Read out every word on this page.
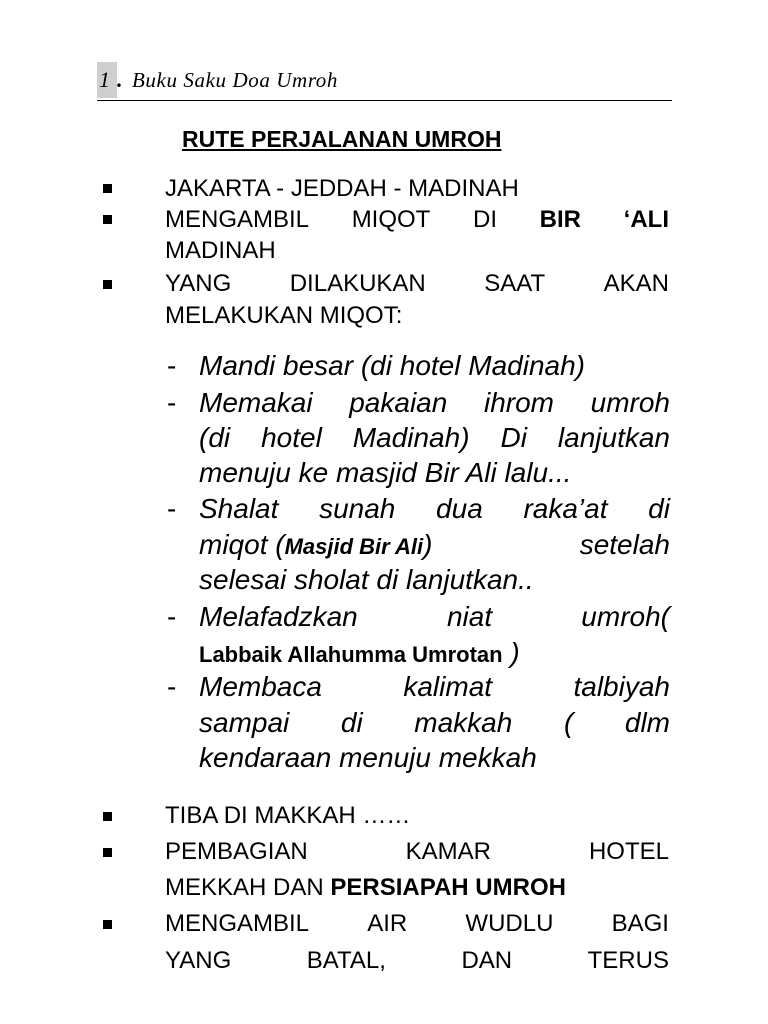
1 . Buku Saku Doa Umroh
RUTE PERJALANAN UMROH
JAKARTA - JEDDAH - MADINAH
MENGAMBIL MIQOT DI BIR ‘ALI
MADINAH
YANG DILAKUKAN SAAT AKAN
MELAKUKAN MIQOT:
- Mandi besar (di hotel Madinah)
- Memakai pakaian ihrom umroh
(di hotel Madinah) Di lanjutkan
menuju ke masjid Bir Ali lalu...
- Shalat sunah dua raka’at di
miqot (Masjid Bir Ali)	setelah
selesai sholat di lanjutkan..
- Melafadzkan	niat	umroh(
Labbaik Allahumma Umrotan )
- Membaca	kalimat	talbiyah
sampai di makkah ( dlm
kendaraan menuju mekkah
TIBA DI MAKKAH ……
PEMBAGIAN	KAMAR	HOTEL
MEKKAH DAN PERSIAPAH UMROH
MENGAMBIL AIR WUDLU BAGI
YANG	BATAL,	DAN	TERUS
